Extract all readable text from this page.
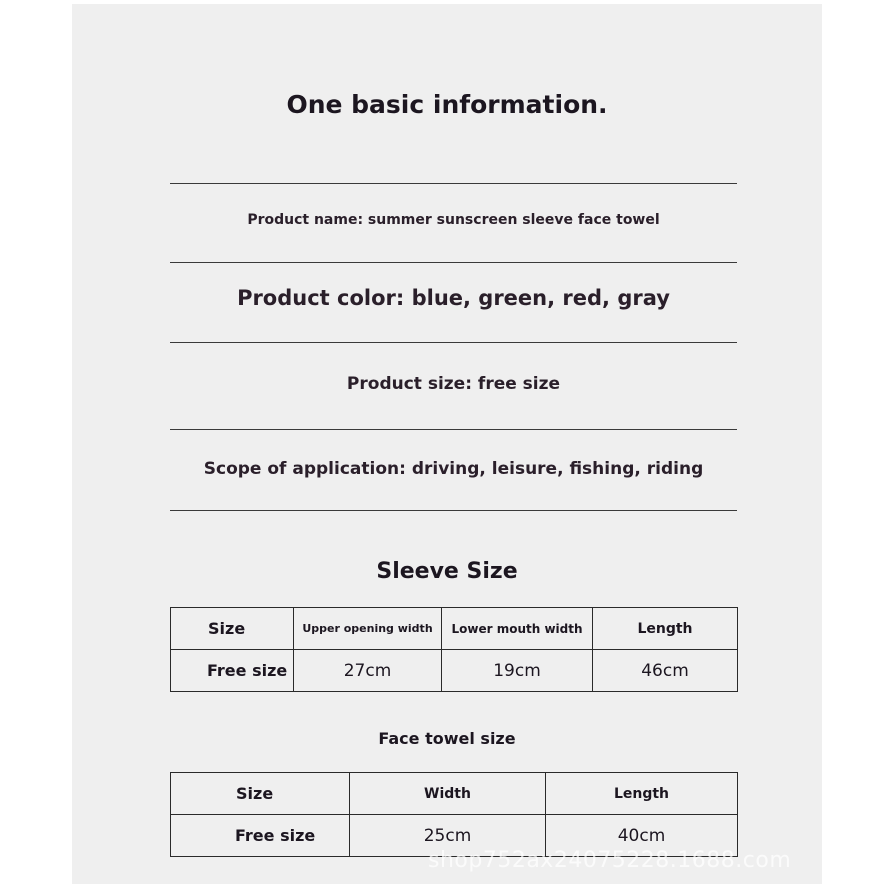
One basic information.
Product name: summer sunscreen sleeve face towel
Product color: blue, green, red, gray
Product size: free size
Scope of application: driving, leisure, fishing, riding
Sleeve Size
Size	Upper opening width	Lower mouth width	Length
Free size	27cm	19cm	46cm
Face towel size
Size	Width	Length
Free size	25cm	40cm
shop752ax24075228.1688.com
